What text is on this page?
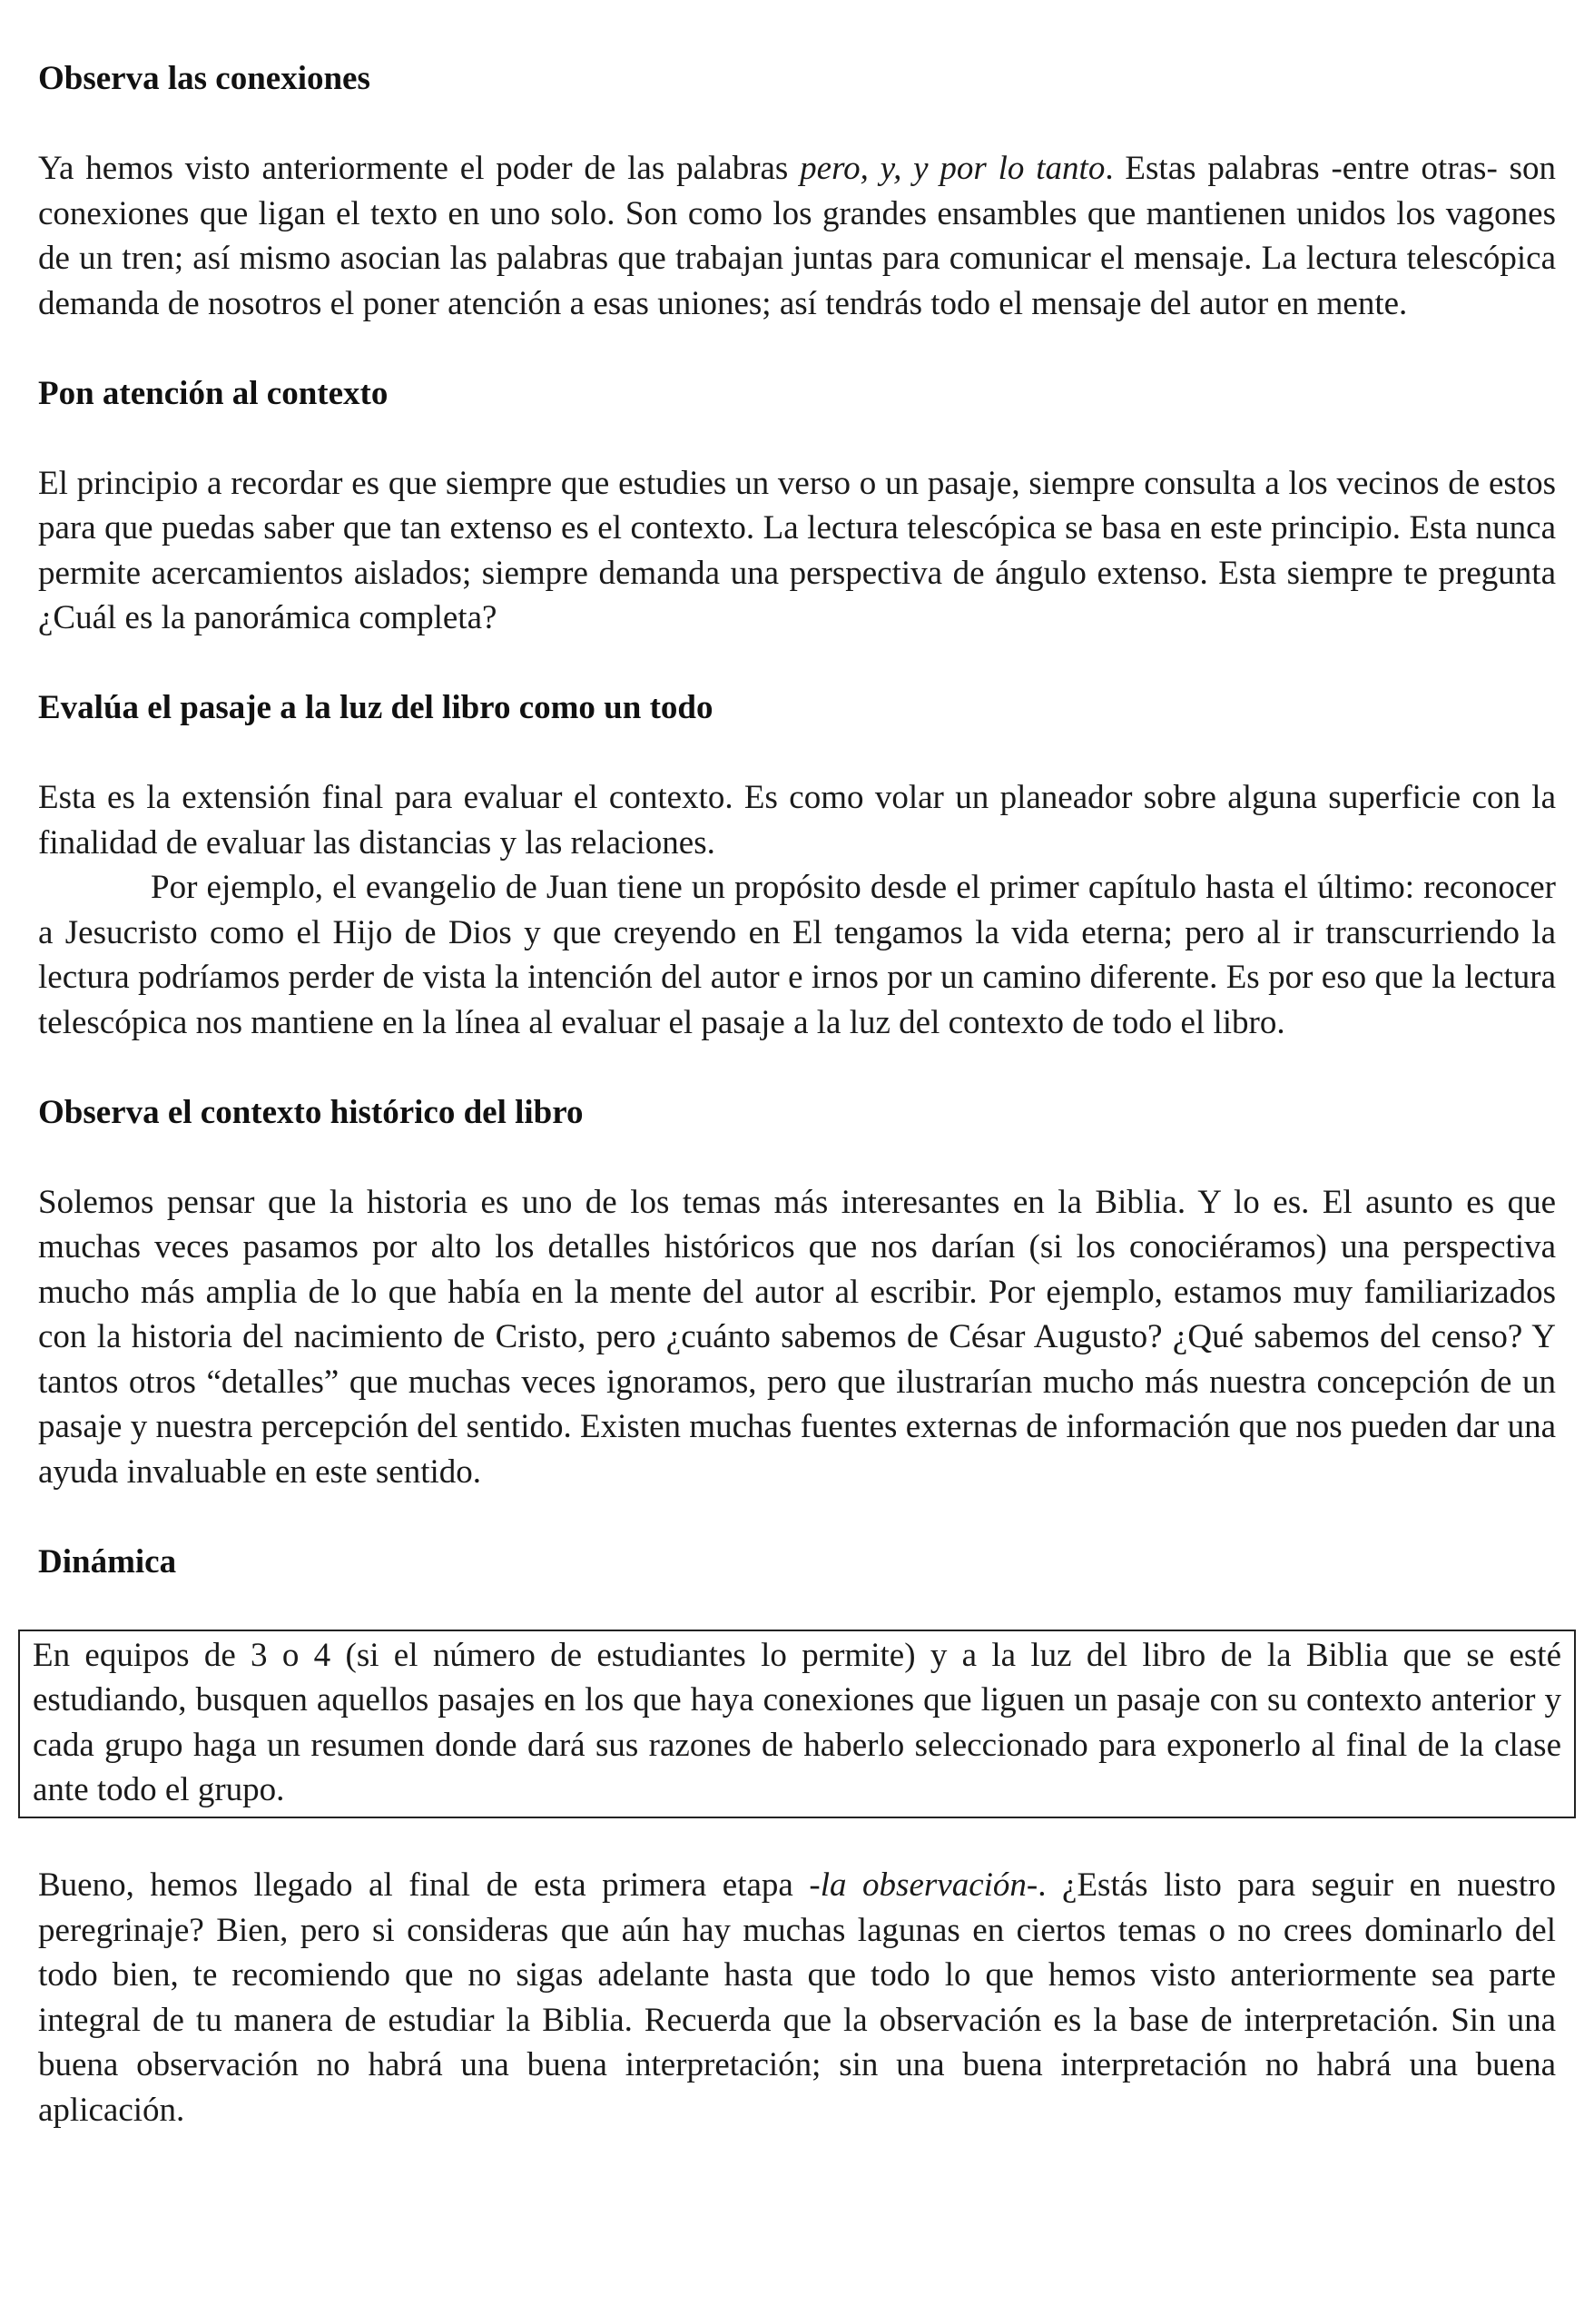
Observa las conexiones

Ya hemos visto anteriormente el poder de las palabras pero, y, y por lo tanto. Estas palabras -entre otras- son conexiones que ligan el texto en uno solo. Son como los grandes ensambles que mantienen unidos los vagones de un tren; así mismo asocian las palabras que trabajan juntas para comunicar el mensaje. La lectura telescópica demanda de nosotros el poner atención a esas uniones; así tendrás todo el mensaje del autor en mente.

Pon atención al contexto

El principio a recordar es que siempre que estudies un verso o un pasaje, siempre consulta a los vecinos de estos para que puedas saber que tan extenso es el contexto. La lectura telescópica se basa en este principio. Esta nunca permite acercamientos aislados; siempre demanda una perspectiva de ángulo extenso. Esta siempre te pregunta ¿Cuál es la panorámica completa?

Evalúa el pasaje a la luz del libro como un todo

Esta es la extensión final para evaluar el contexto. Es como volar un planeador sobre alguna superficie con la finalidad de evaluar las distancias y las relaciones.

Por ejemplo, el evangelio de Juan tiene un propósito desde el primer capítulo hasta el último: reconocer a Jesucristo como el Hijo de Dios y que creyendo en El tengamos la vida eterna; pero al ir transcurriendo la lectura podríamos perder de vista la intención del autor e irnos por un camino diferente. Es por eso que la lectura telescópica nos mantiene en la línea al evaluar el pasaje a la luz del contexto de todo el libro.

Observa el contexto histórico del libro

Solemos pensar que la historia es uno de los temas más interesantes en la Biblia. Y lo es. El asunto es que muchas veces pasamos por alto los detalles históricos que nos darían (si los conociéramos) una perspectiva mucho más amplia de lo que había en la mente del autor al escribir. Por ejemplo, estamos muy familiarizados con la historia del nacimiento de Cristo, pero ¿cuánto sabemos de César Augusto? ¿Qué sabemos del censo? Y tantos otros “detalles” que muchas veces ignoramos, pero que ilustrarían mucho más nuestra concepción de un pasaje y nuestra percepción del sentido. Existen muchas fuentes externas de información que nos pueden dar una ayuda invaluable en este sentido.

Dinámica

En equipos de 3 o 4 (si el número de estudiantes lo permite) y a la luz del libro de la Biblia que se esté estudiando, busquen aquellos pasajes en los que haya conexiones que liguen un pasaje con su contexto anterior y cada grupo haga un resumen donde dará sus razones de haberlo seleccionado para exponerlo al final de la clase ante todo el grupo.

Bueno, hemos llegado al final de esta primera etapa -la observación-. ¿Estás listo para seguir en nuestro peregrinaje? Bien, pero si consideras que aún hay muchas lagunas en ciertos temas o no crees dominarlo del todo bien, te recomiendo que no sigas adelante hasta que todo lo que hemos visto anteriormente sea parte integral de tu manera de estudiar la Biblia. Recuerda que la observación es la base de interpretación. Sin una buena observación no habrá una buena interpretación; sin una buena interpretación no habrá una buena aplicación.
